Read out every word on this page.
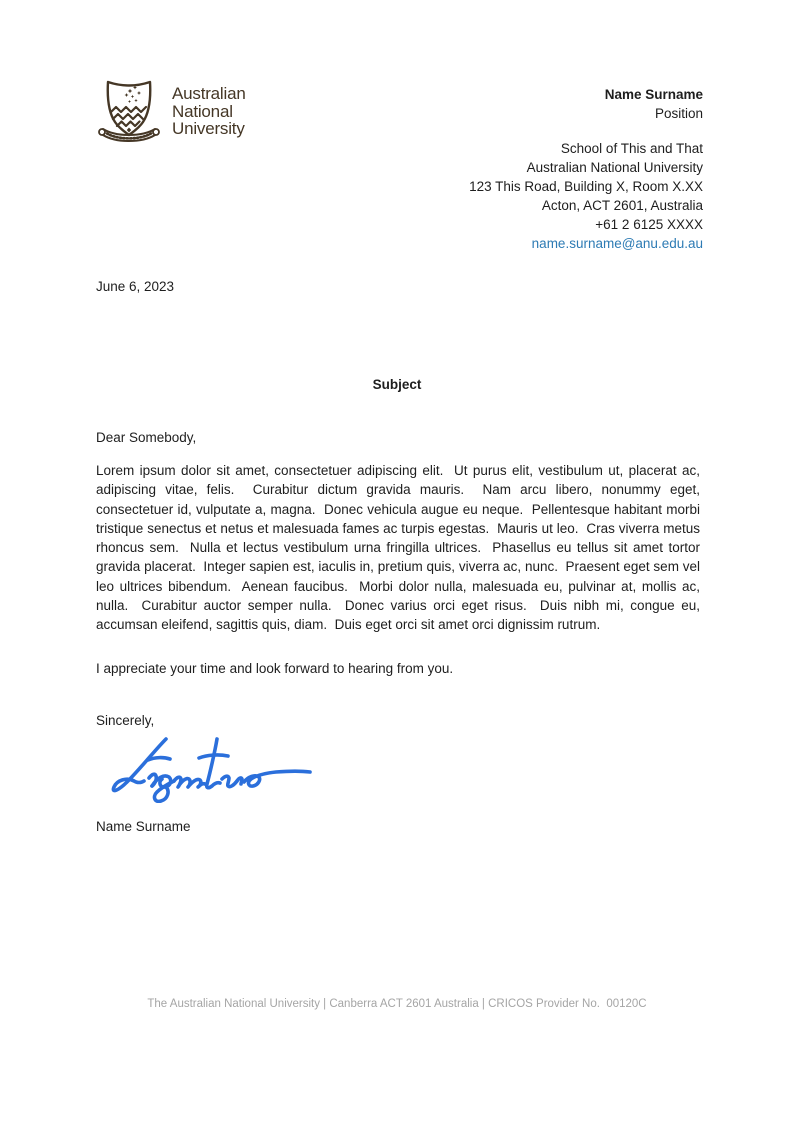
Australian
National
University
Name Surname
Position
School of This and That
Australian National University
123 This Road, Building X, Room X.XX
Acton, ACT 2601, Australia
+61 2 6125 XXXX
name.surname@anu.edu.au
June 6, 2023
Subject
Dear Somebody,
Lorem ipsum dolor sit amet, consectetuer adipiscing elit.  Ut purus elit, vestibulum ut, placerat ac, adipiscing vitae, felis.  Curabitur dictum gravida mauris.  Nam arcu libero, nonummy eget, consectetuer id, vulputate a, magna.  Donec vehicula augue eu neque.  Pellentesque habitant morbi tristique senectus et netus et malesuada fames ac turpis egestas.  Mauris ut leo.  Cras viverra metus rhoncus sem.  Nulla et lectus vestibulum urna fringilla ultrices.  Phasellus eu tellus sit amet tortor gravida placerat.  Integer sapien est, iaculis in, pretium quis, viverra ac, nunc.  Praesent eget sem vel leo ultrices bibendum.  Aenean faucibus.  Morbi dolor nulla, malesuada eu, pulvinar at, mollis ac, nulla.  Curabitur auctor semper nulla.  Donec varius orci eget risus.  Duis nibh mi, congue eu, accumsan eleifend, sagittis quis, diam.  Duis eget orci sit amet orci dignissim rutrum.
I appreciate your time and look forward to hearing from you.
Sincerely,
Name Surname
The Australian National University | Canberra ACT 2601 Australia | CRICOS Provider No.  00120C
